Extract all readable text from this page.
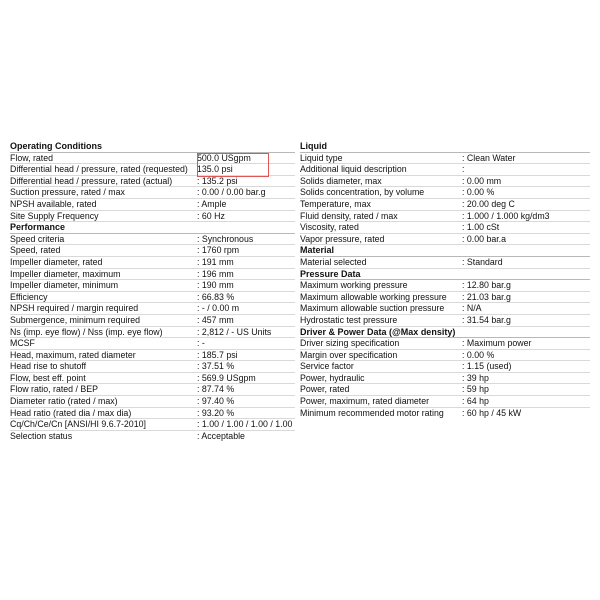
Operating Conditions
Flow, rated	500.0 USgpm
Differential head / pressure, rated (requested)	135.0 psi
Differential head / pressure, rated (actual)	: 135.2 psi
Suction pressure, rated / max	: 0.00 / 0.00 bar.g
NPSH available, rated	: Ample
Site Supply Frequency	: 60 Hz
Performance
Speed criteria	: Synchronous
Speed, rated	: 1760 rpm
Impeller diameter, rated	: 191 mm
Impeller diameter, maximum	: 196 mm
Impeller diameter, minimum	: 190 mm
Efficiency	: 66.83 %
NPSH required / margin required	: - / 0.00 m
Submergence, minimum required	: 457 mm
Ns (imp. eye flow) / Nss (imp. eye flow)	: 2,812 / - US Units
MCSF	: -
Head, maximum, rated diameter	: 185.7 psi
Head rise to shutoff	: 37.51 %
Flow, best eff. point	: 569.9 USgpm
Flow ratio, rated / BEP	: 87.74 %
Diameter ratio (rated / max)	: 97.40 %
Head ratio (rated dia / max dia)	: 93.20 %
Cq/Ch/Ce/Cn [ANSI/HI 9.6.7-2010]	: 1.00 / 1.00 / 1.00 / 1.00
Selection status	: Acceptable
Liquid
Liquid type	: Clean Water
Additional liquid description	:
Solids diameter, max	: 0.00 mm
Solids concentration, by volume	: 0.00 %
Temperature, max	: 20.00 deg C
Fluid density, rated / max	: 1.000 / 1.000 kg/dm3
Viscosity, rated	: 1.00 cSt
Vapor pressure, rated	: 0.00 bar.a
Material
Material selected	: Standard
Pressure Data
Maximum working pressure	: 12.80 bar.g
Maximum allowable working pressure	: 21.03 bar.g
Maximum allowable suction pressure	: N/A
Hydrostatic test pressure	: 31.54 bar.g
Driver & Power Data (@Max density)
Driver sizing specification	: Maximum power
Margin over specification	: 0.00 %
Service factor	: 1.15 (used)
Power, hydraulic	: 39 hp
Power, rated	: 59 hp
Power, maximum, rated diameter	: 64 hp
Minimum recommended motor rating	: 60 hp / 45 kW
